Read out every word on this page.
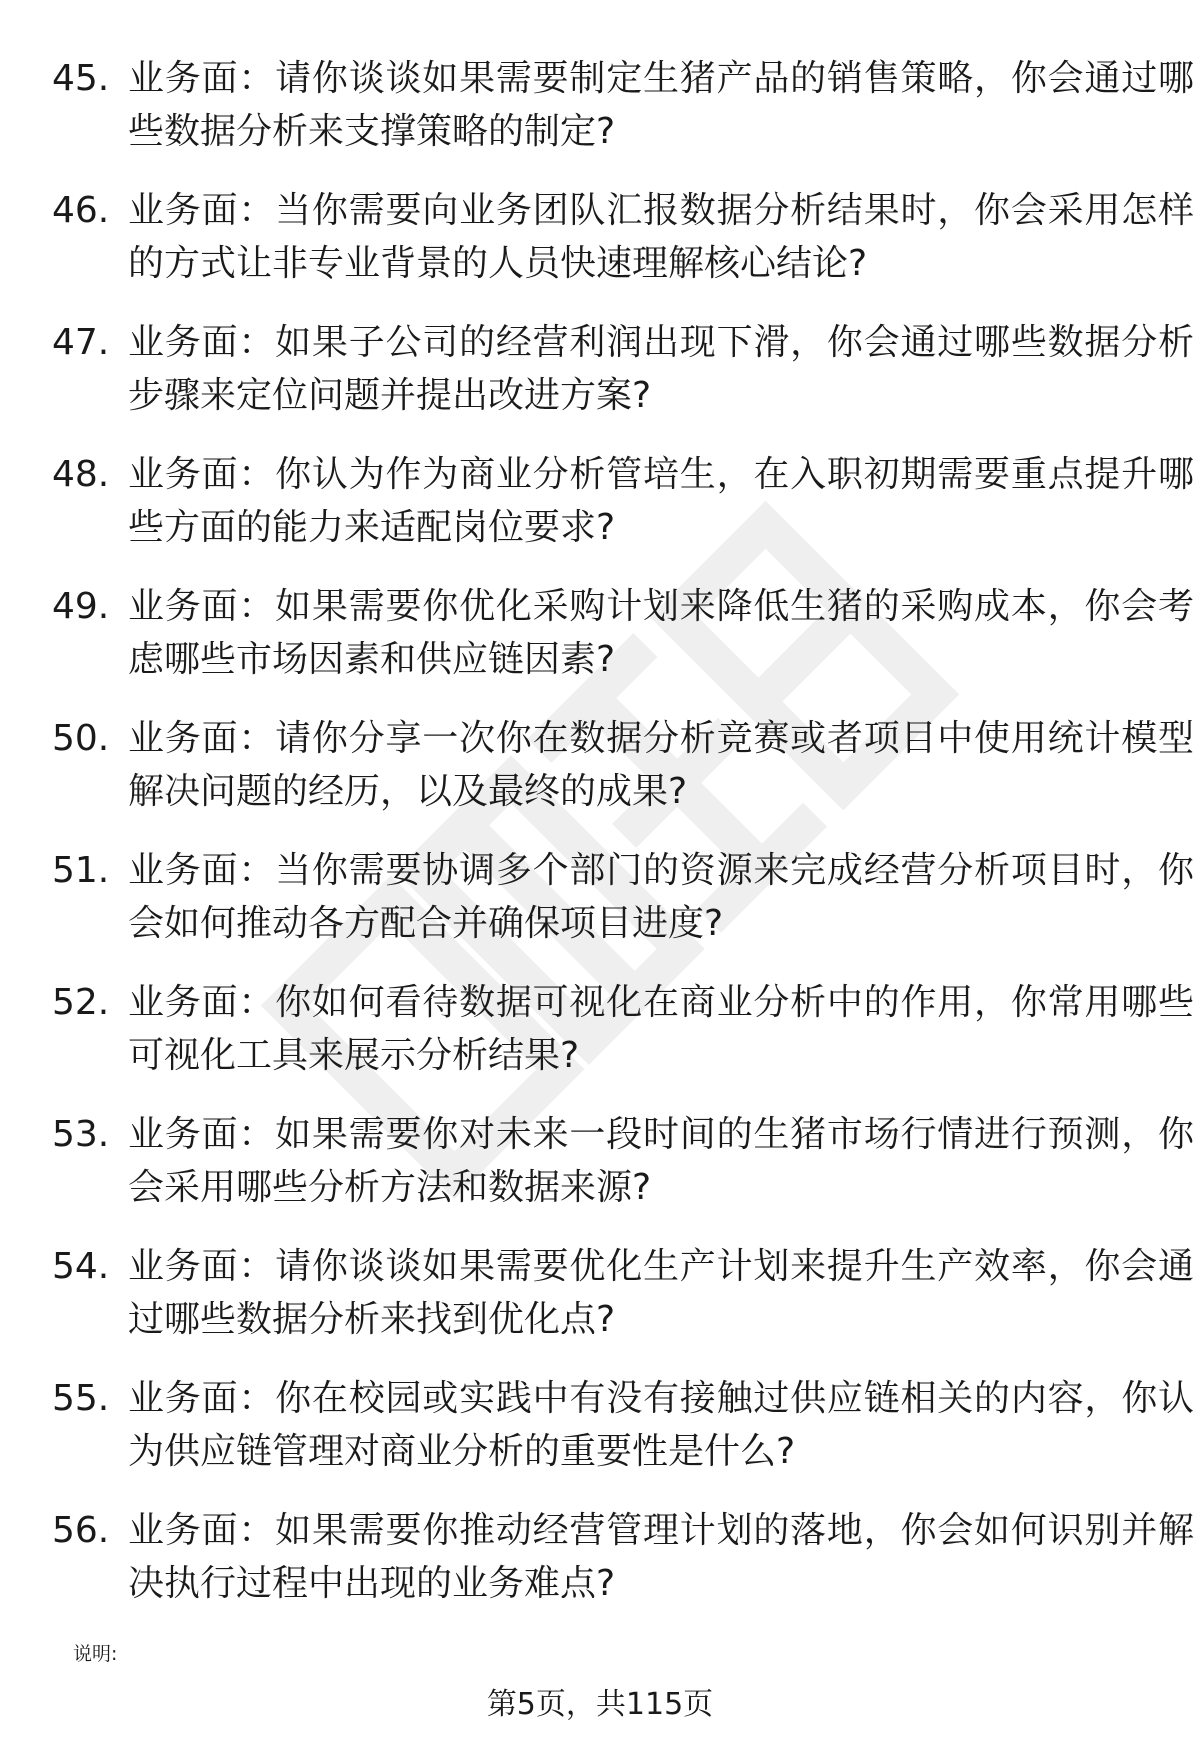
45. 业务面：请你谈谈如果需要制定生猪产品的销售策略，你会通过哪些数据分析来支撑策略的制定?
46. 业务面：当你需要向业务团队汇报数据分析结果时，你会采用怎样的方式让非专业背景的人员快速理解核心结论?
47. 业务面：如果子公司的经营利润出现下滑，你会通过哪些数据分析步骤来定位问题并提出改进方案?
48. 业务面：你认为作为商业分析管培生，在入职初期需要重点提升哪些方面的能力来适配岗位要求?
49. 业务面：如果需要你优化采购计划来降低生猪的采购成本，你会考虑哪些市场因素和供应链因素?
50. 业务面：请你分享一次你在数据分析竞赛或者项目中使用统计模型解决问题的经历，以及最终的成果?
51. 业务面：当你需要协调多个部门的资源来完成经营分析项目时，你会如何推动各方配合并确保项目进度?
52. 业务面：你如何看待数据可视化在商业分析中的作用，你常用哪些可视化工具来展示分析结果?
53. 业务面：如果需要你对未来一段时间的生猪市场行情进行预测，你会采用哪些分析方法和数据来源?
54. 业务面：请你谈谈如果需要优化生产计划来提升生产效率，你会通过哪些数据分析来找到优化点?
55. 业务面：你在校园或实践中有没有接触过供应链相关的内容，你认为供应链管理对商业分析的重要性是什么?
56. 业务面：如果需要你推动经营管理计划的落地，你会如何识别并解决执行过程中出现的业务难点?
说明:
第5页，共115页
